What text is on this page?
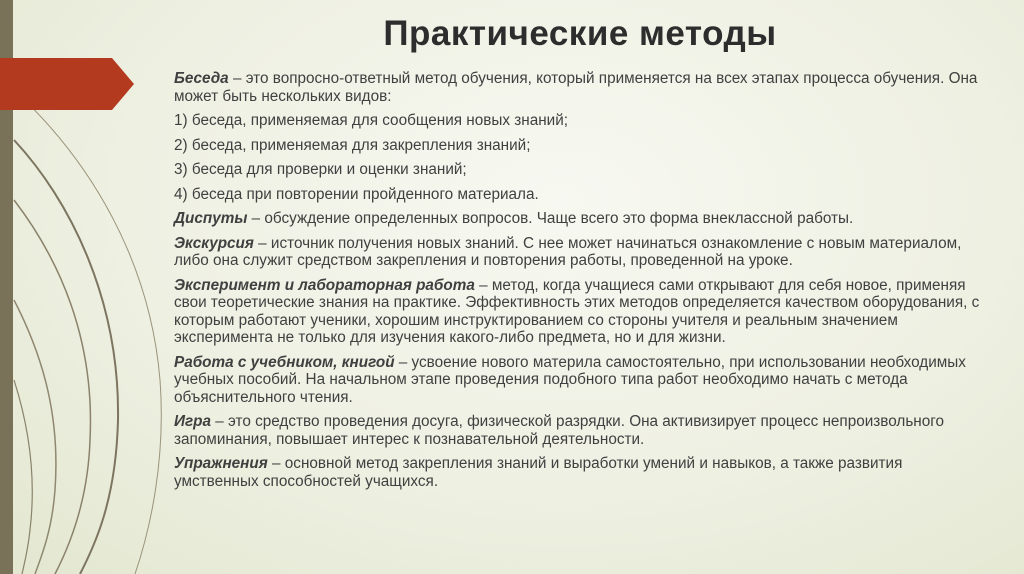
Практические методы

Беседа – это вопросно-ответный метод обучения, который применяется на всех этапах процесса обучения. Она может быть нескольких видов:

1) беседа, применяемая для сообщения новых знаний;

2) беседа, применяемая для закрепления знаний;

3) беседа для проверки и оценки знаний;

4) беседа при повторении пройденного материала.

Диспуты – обсуждение определенных вопросов. Чаще всего это форма внеклассной работы.

Экскурсия – источник получения новых знаний. С нее может начинаться ознакомление с новым материалом, либо она служит средством закрепления и повторения работы, проведенной на уроке.

Эксперимент и лабораторная работа – метод, когда учащиеся сами открывают для себя новое, применяя свои теоретические знания на практике. Эффективность этих методов определяется качеством оборудования, с которым работают ученики, хорошим инструктированием со стороны учителя и реальным значением эксперимента не только для изучения какого-либо предмета, но и для жизни.

Работа с учебником, книгой – усвоение нового материла самостоятельно, при использовании необходимых учебных пособий. На начальном этапе проведения подобного типа работ необходимо начать с метода объяснительного чтения.

Игра – это средство проведения досуга, физической разрядки. Она активизирует процесс непроизвольного запоминания, повышает интерес к познавательной деятельности.

Упражнения – основной метод закрепления знаний и выработки умений и навыков, а также развития умственных способностей учащихся.
